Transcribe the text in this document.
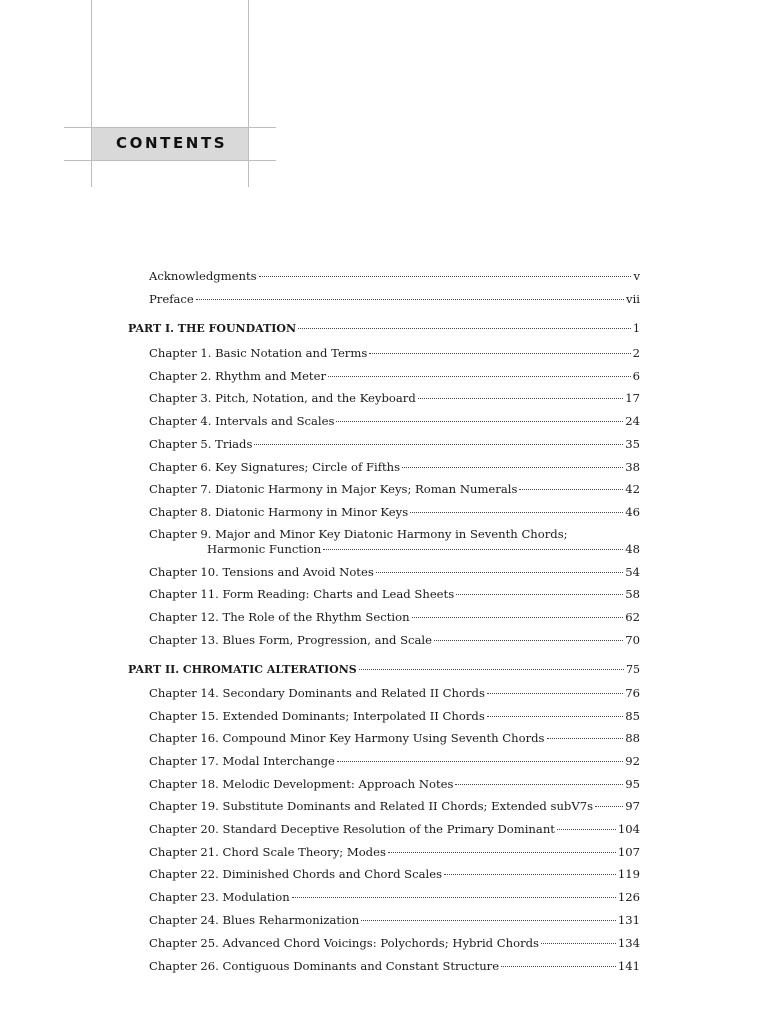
CONTENTS
Acknowledgments	v
Preface	vii
PART I. THE FOUNDATION	1
Chapter 1. Basic Notation and Terms	2
Chapter 2. Rhythm and Meter	6
Chapter 3. Pitch, Notation, and the Keyboard	17
Chapter 4. Intervals and Scales	24
Chapter 5. Triads	35
Chapter 6. Key Signatures; Circle of Fifths	38
Chapter 7. Diatonic Harmony in Major Keys; Roman Numerals	42
Chapter 8. Diatonic Harmony in Minor Keys	46
Chapter 9. Major and Minor Key Diatonic Harmony in Seventh Chords;
Harmonic Function	48
Chapter 10. Tensions and Avoid Notes	54
Chapter 11. Form Reading: Charts and Lead Sheets	58
Chapter 12. The Role of the Rhythm Section	62
Chapter 13. Blues Form, Progression, and Scale	70
PART II. CHROMATIC ALTERATIONS	75
Chapter 14. Secondary Dominants and Related II Chords	76
Chapter 15. Extended Dominants; Interpolated II Chords	85
Chapter 16. Compound Minor Key Harmony Using Seventh Chords	88
Chapter 17. Modal Interchange	92
Chapter 18. Melodic Development: Approach Notes	95
Chapter 19. Substitute Dominants and Related II Chords; Extended subV7s	97
Chapter 20. Standard Deceptive Resolution of the Primary Dominant	104
Chapter 21. Chord Scale Theory; Modes	107
Chapter 22. Diminished Chords and Chord Scales	119
Chapter 23. Modulation	126
Chapter 24. Blues Reharmonization	131
Chapter 25. Advanced Chord Voicings: Polychords; Hybrid Chords	134
Chapter 26. Contiguous Dominants and Constant Structure	141
